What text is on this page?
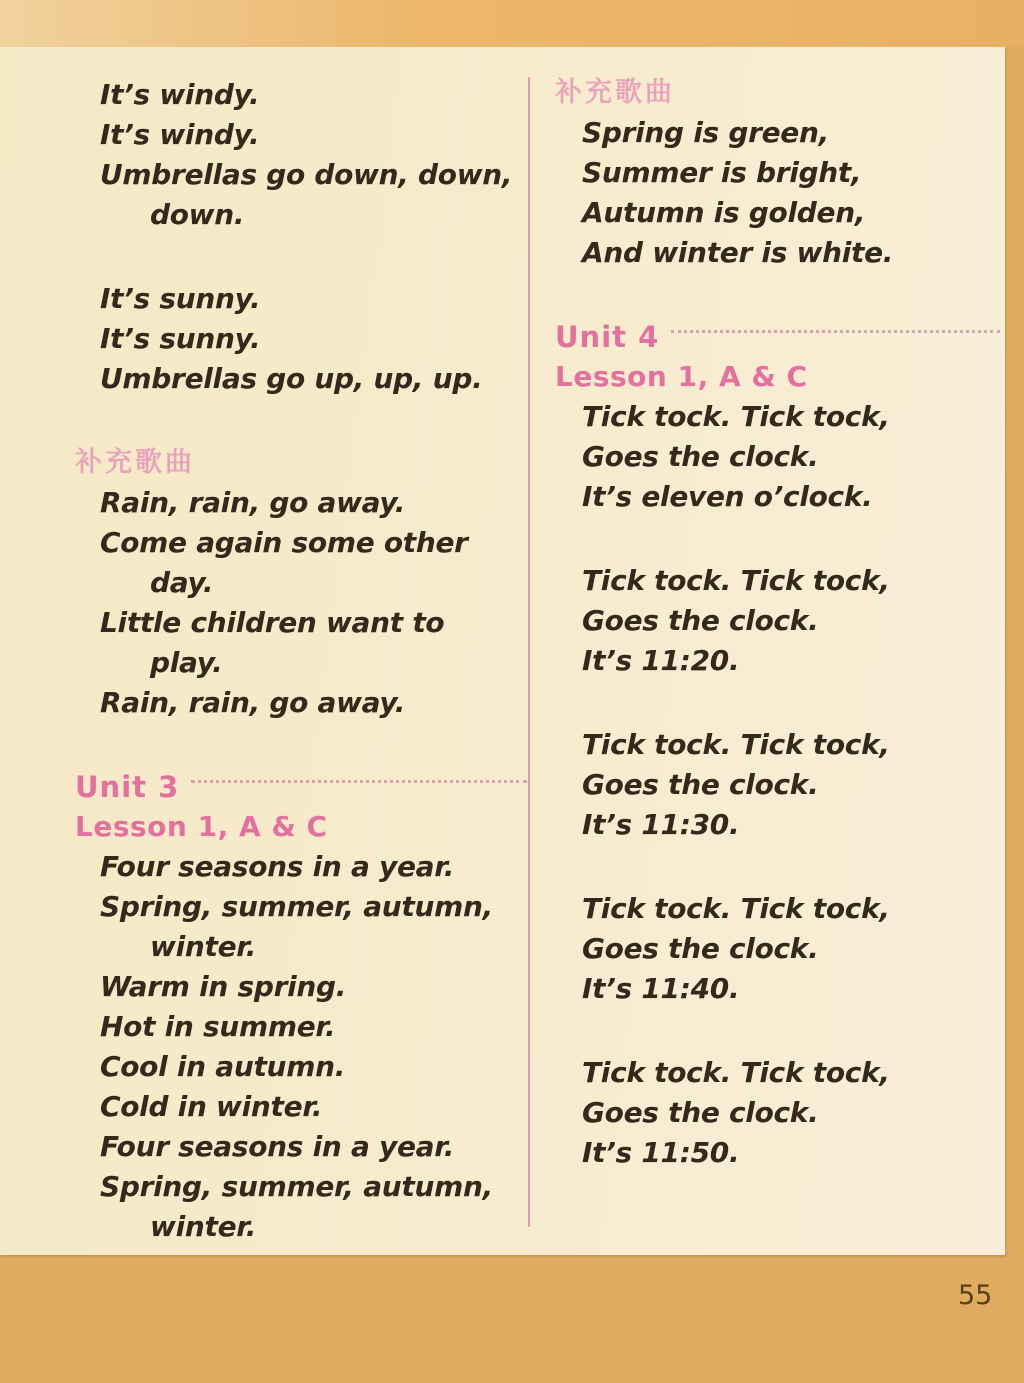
It’s windy.
It’s windy.
Umbrellas go down, down,
down.
It’s sunny.
It’s sunny.
Umbrellas go up, up, up.
补充歌曲
Rain, rain, go away.
Come again some other
day.
Little children want to
play.
Rain, rain, go away.
Unit 3
Lesson 1, A & C
Four seasons in a year.
Spring, summer, autumn,
winter.
Warm in spring.
Hot in summer.
Cool in autumn.
Cold in winter.
Four seasons in a year.
Spring, summer, autumn,
winter.
补充歌曲
Spring is green,
Summer is bright,
Autumn is golden,
And winter is white.
Unit 4
Lesson 1, A & C
Tick tock. Tick tock,
Goes the clock.
It’s eleven o’clock.
Tick tock. Tick tock,
Goes the clock.
It’s 11:20.
Tick tock. Tick tock,
Goes the clock.
It’s 11:30.
Tick tock. Tick tock,
Goes the clock.
It’s 11:40.
Tick tock. Tick tock,
Goes the clock.
It’s 11:50.
55
